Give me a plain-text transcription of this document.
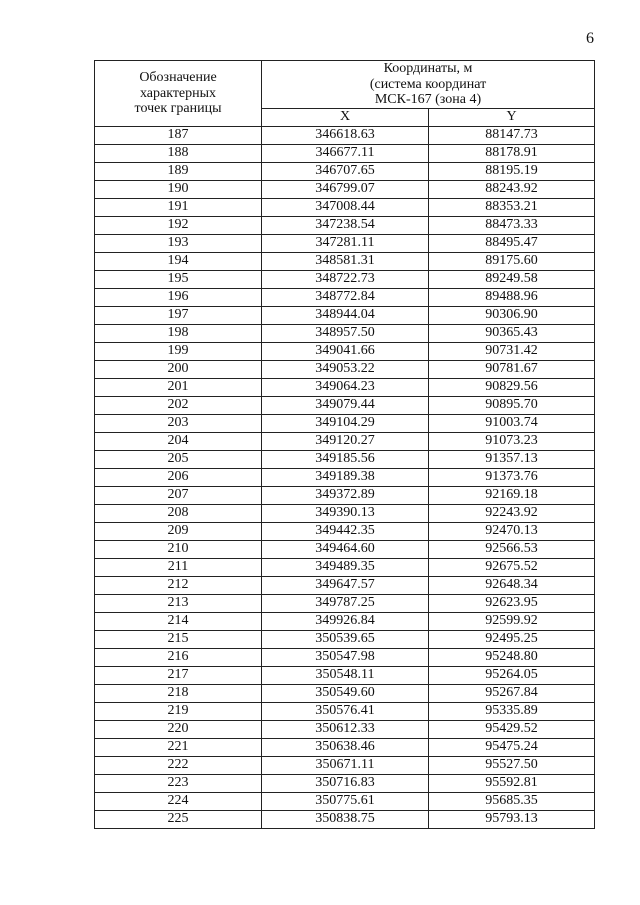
6
Обозначение
характерных
точек границы	Координаты, м
(система координат
МСК-167 (зона 4)	

	X	Y
187	346618.63	88147.73
188	346677.11	88178.91
189	346707.65	88195.19
190	346799.07	88243.92
191	347008.44	88353.21
192	347238.54	88473.33
193	347281.11	88495.47
194	348581.31	89175.60
195	348722.73	89249.58
196	348772.84	89488.96
197	348944.04	90306.90
198	348957.50	90365.43
199	349041.66	90731.42
200	349053.22	90781.67
201	349064.23	90829.56
202	349079.44	90895.70
203	349104.29	91003.74
204	349120.27	91073.23
205	349185.56	91357.13
206	349189.38	91373.76
207	349372.89	92169.18
208	349390.13	92243.92
209	349442.35	92470.13
210	349464.60	92566.53
211	349489.35	92675.52
212	349647.57	92648.34
213	349787.25	92623.95
214	349926.84	92599.92
215	350539.65	92495.25
216	350547.98	95248.80
217	350548.11	95264.05
218	350549.60	95267.84
219	350576.41	95335.89
220	350612.33	95429.52
221	350638.46	95475.24
222	350671.11	95527.50
223	350716.83	95592.81
224	350775.61	95685.35
225	350838.75	95793.13
